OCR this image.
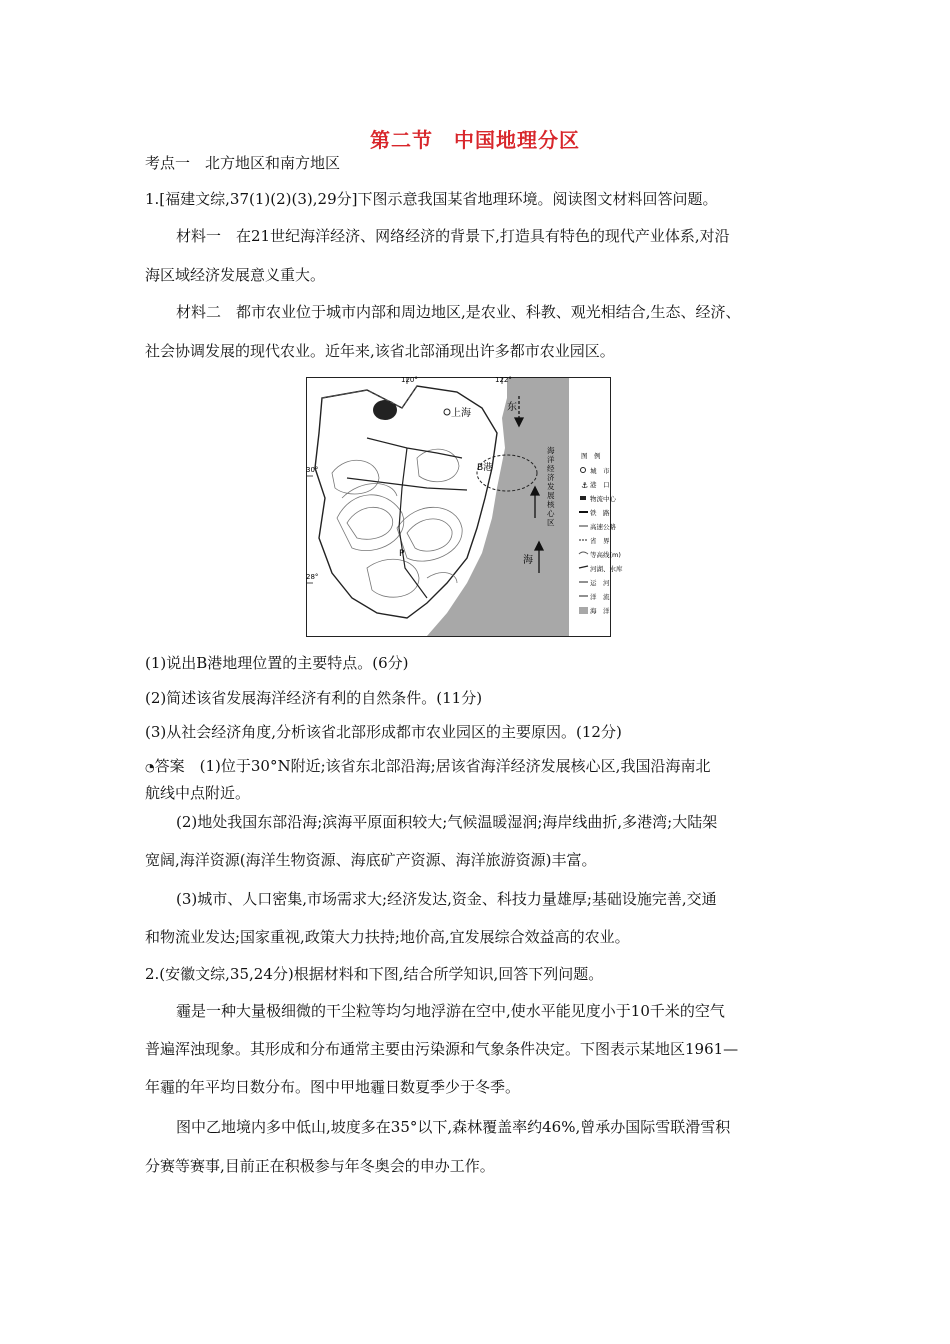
第二节　中国地理分区
考点一　北方地区和南方地区
1.[福建文综,37(1)(2)(3),29分]下图示意我国某省地理环境。阅读图文材料回答问题。
材料一　在21世纪海洋经济、网络经济的背景下,打造具有特色的现代产业体系,对沿
海区域经济发展意义重大。
材料二　都市农业位于城市内部和周边地区,是农业、科教、观光相结合,生态、经济、
社会协调发展的现代农业。近年来,该省北部涌现出许多都市农业园区。
120°	122°
30°
28°
上海
东
海
B港
P
海
洋
经
济
发
展
核
心
区
图　例
城　市
⚓ 港　口
物流中心
铁　路
高速公路
省　界
等高线(m)
河湖、水库
运　河
洋　流
海　洋
(1)说出B港地理位置的主要特点。(6分)
(2)简述该省发展海洋经济有利的自然条件。(11分)
(3)从社会经济角度,分析该省北部形成都市农业园区的主要原因。(12分)
◔答案　(1)位于30°N附近;该省东北部沿海;居该省海洋经济发展核心区,我国沿海南北
航线中点附近。
(2)地处我国东部沿海;滨海平原面积较大;气候温暖湿润;海岸线曲折,多港湾;大陆架
宽阔,海洋资源(海洋生物资源、海底矿产资源、海洋旅游资源)丰富。
(3)城市、人口密集,市场需求大;经济发达,资金、科技力量雄厚;基础设施完善,交通
和物流业发达;国家重视,政策大力扶持;地价高,宜发展综合效益高的农业。
2.(安徽文综,35,24分)根据材料和下图,结合所学知识,回答下列问题。
霾是一种大量极细微的干尘粒等均匀地浮游在空中,使水平能见度小于10千米的空气
普遍浑浊现象。其形成和分布通常主要由污染源和气象条件决定。下图表示某地区1961—
年霾的年平均日数分布。图中甲地霾日数夏季少于冬季。
图中乙地境内多中低山,坡度多在35°以下,森林覆盖率约46%,曾承办国际雪联滑雪积
分赛等赛事,目前正在积极参与年冬奥会的申办工作。
